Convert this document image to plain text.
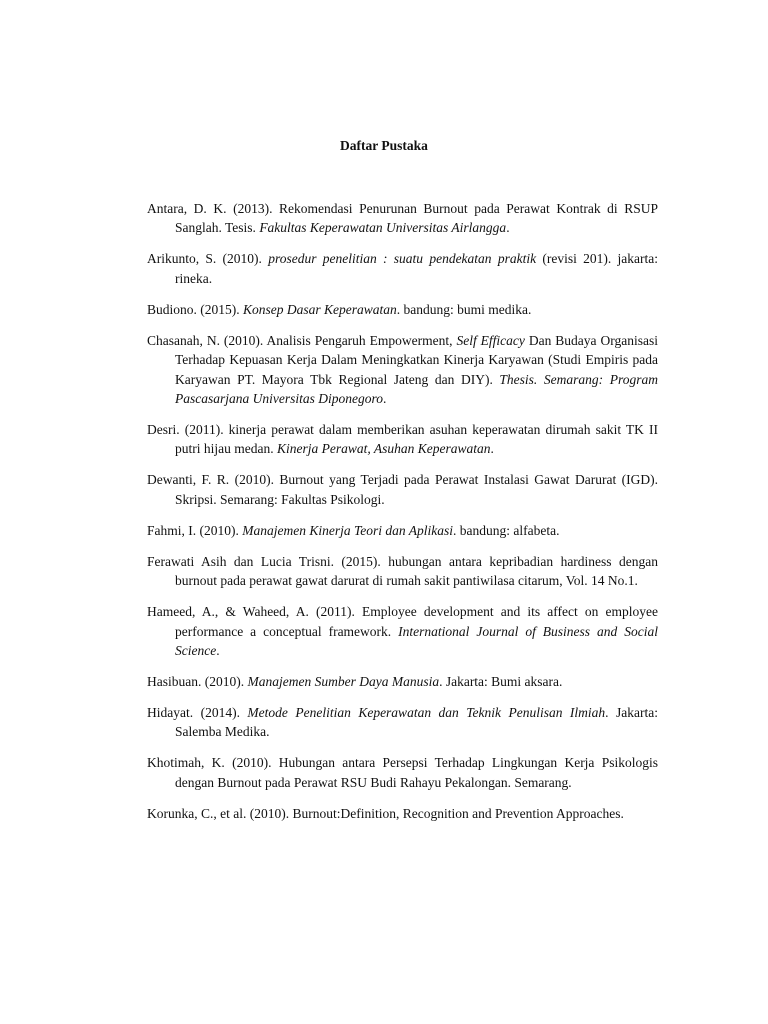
Daftar Pustaka

Antara, D. K. (2013). Rekomendasi Penurunan Burnout pada Perawat Kontrak di RSUP Sanglah. Tesis. Fakultas Keperawatan Universitas Airlangga.

Arikunto, S. (2010). prosedur penelitian : suatu pendekatan praktik (revisi 201). jakarta: rineka.

Budiono. (2015). Konsep Dasar Keperawatan. bandung: bumi medika.

Chasanah, N. (2010). Analisis Pengaruh Empowerment, Self Efficacy Dan Budaya Organisasi Terhadap Kepuasan Kerja Dalam Meningkatkan Kinerja Karyawan (Studi Empiris pada Karyawan PT. Mayora Tbk Regional Jateng dan DIY). Thesis. Semarang: Program Pascasarjana Universitas Diponegoro.

Desri. (2011). kinerja perawat dalam memberikan asuhan keperawatan dirumah sakit TK II putri hijau medan. Kinerja Perawat, Asuhan Keperawatan.

Dewanti, F. R. (2010). Burnout yang Terjadi pada Perawat Instalasi Gawat Darurat (IGD). Skripsi. Semarang: Fakultas Psikologi.

Fahmi, I. (2010). Manajemen Kinerja Teori dan Aplikasi. bandung: alfabeta.

Ferawati Asih dan Lucia Trisni. (2015). hubungan antara kepribadian hardiness dengan burnout pada perawat gawat darurat di rumah sakit pantiwilasa citarum, Vol. 14 No.1.

Hameed, A., & Waheed, A. (2011). Employee development and its affect on employee performance a conceptual framework. International Journal of Business and Social Science.

Hasibuan. (2010). Manajemen Sumber Daya Manusia. Jakarta: Bumi aksara.

Hidayat. (2014). Metode Penelitian Keperawatan dan Teknik Penulisan Ilmiah. Jakarta: Salemba Medika.

Khotimah, K. (2010). Hubungan antara Persepsi Terhadap Lingkungan Kerja Psikologis dengan Burnout pada Perawat RSU Budi Rahayu Pekalongan. Semarang.

Korunka, C., et al. (2010). Burnout:Definition, Recognition and Prevention Approaches.
